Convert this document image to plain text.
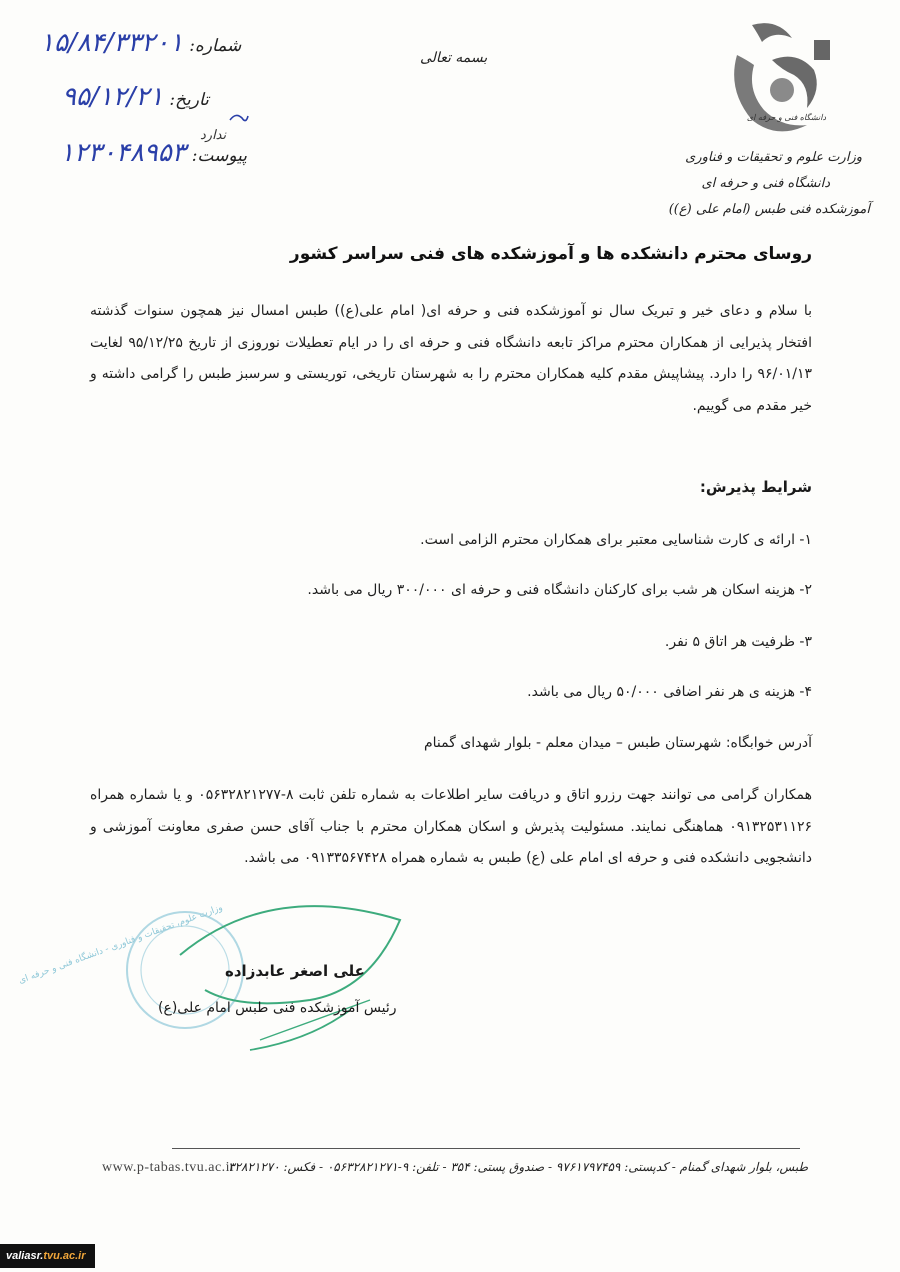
شماره:
۱۵/۸۴/۳۳۲۰۱
تاریخ:
۹۵/۱۲/۲۱
پیوست:
۱۲۳۰۴۸۹۵۳
ندارد
بسمه تعالی
دانشگاه فنی و حرفه ای
وزارت علوم و تحقیقات و فناوری
دانشگاه فنی و حرفه ای
آموزشکده فنی طبس (امام علی (ع))
روسای محترم دانشکده ها و آموزشکده های فنی سراسر کشور
با سلام و دعای خیر و تبریک سال نو آموزشکده فنی و حرفه ای( امام علی(ع)) طبس امسال نیز همچون سنوات گذشته افتخار پذیرایی از همکاران محترم مراکز تابعه دانشگاه فنی و حرفه ای را در ایام تعطیلات نوروزی از تاریخ ۹۵/۱۲/۲۵ لغایت ۹۶/۰۱/۱۳ را دارد. پیشاپیش مقدم کلیه همکاران محترم را به شهرستان تاریخی، توریستی و سرسبز طبس را گرامی داشته و خیر مقدم می گوییم.
شرایط پذیرش:
۱- ارائه ی کارت شناسایی معتبر برای همکاران محترم الزامی است.
۲- هزینه اسکان هر شب برای کارکنان دانشگاه فنی و حرفه ای ۳۰۰/۰۰۰ ریال می باشد.
۳- ظرفیت هر اتاق ۵ نفر.
۴- هزینه ی هر نفر اضافی ۵۰/۰۰۰ ریال می باشد.
آدرس خوابگاه: شهرستان طبس – میدان معلم - بلوار شهدای گمنام
همکاران گرامی می توانند جهت رزرو اتاق و دریافت سایر اطلاعات به شماره تلفن ثابت ۸-۰۵۶۳۲۸۲۱۲۷۷ و یا شماره همراه ۰۹۱۳۲۵۳۱۱۲۶ هماهنگی نمایند. مسئولیت پذیرش و اسکان همکاران محترم با جناب آقای حسن صفری معاونت آموزشی و دانشجویی دانشکده فنی و حرفه ای امام علی (ع) طبس به شماره همراه ۰۹۱۳۳۵۶۷۴۲۸ می باشد.
وزارت علوم، تحقیقات و فناوری - دانشگاه فنی و حرفه ای علی اصغر عابدزاده
رئیس آموزشکده فنی طبس امام علی(ع)
www.p-tabas.tvu.ac.ir
طبس، بلوار شهدای گمنام - کدپستی: ۹۷۶۱۷۹۷۴۵۹ - صندوق پستی: ۳۵۴ - تلفن: ۹-۰۵۶۳۲۸۲۱۲۷۱ - فکس: ۳۲۸۲۱۲۷۰
valiasr.tvu.ac.ir
